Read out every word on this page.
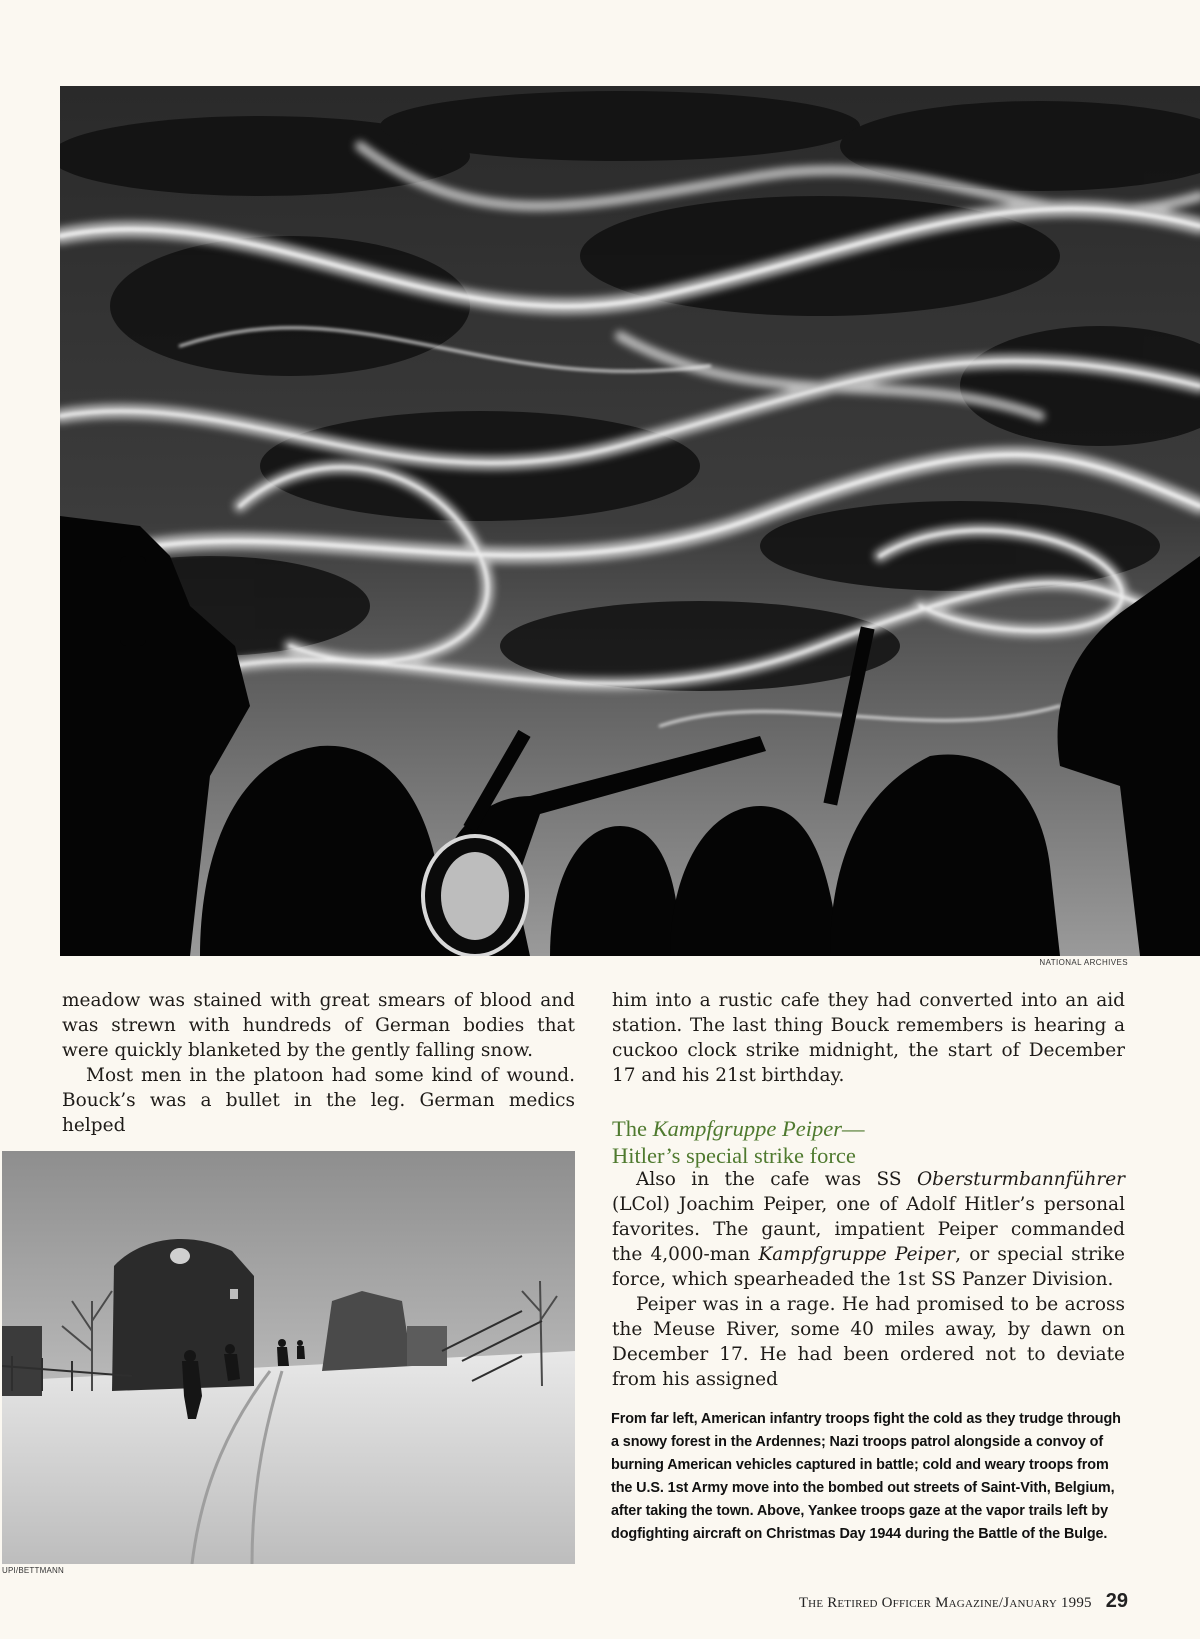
NATIONAL ARCHIVES

meadow was stained with great smears of blood and was strewn with hundreds of German bodies that were quickly blanketed by the gently falling snow.

Most men in the platoon had some kind of wound. Bouck’s was a bullet in the leg. German medics helped

him into a rustic cafe they had converted into an aid station. The last thing Bouck remembers is hearing a cuckoo clock strike midnight, the start of December 17 and his 21st birthday.

The Kampfgruppe Peiper—
Hitler’s special strike force

Also in the cafe was SS Obersturmbannführer (LCol) Joachim Peiper, one of Adolf Hitler’s personal favorites. The gaunt, impatient Peiper commanded the 4,000-man Kampfgruppe Peiper, or special strike force, which spearheaded the 1st SS Panzer Division.

Peiper was in a rage. He had promised to be across the Meuse River, some 40 miles away, by dawn on December 17. He had been ordered not to deviate from his assigned

UPI/BETTMANN
From far left, American infantry troops fight the cold as they trudge through a snowy forest in the Ardennes; Nazi troops patrol alongside a convoy of burning American vehicles captured in battle; cold and weary troops from the U.S. 1st Army move into the bombed out streets of Saint-Vith, Belgium, after taking the town. Above, Yankee troops gaze at the vapor trails left by dogfighting aircraft on Christmas Day 1944 during the Battle of the Bulge.
The Retired Officer Magazine/January 1995 29
